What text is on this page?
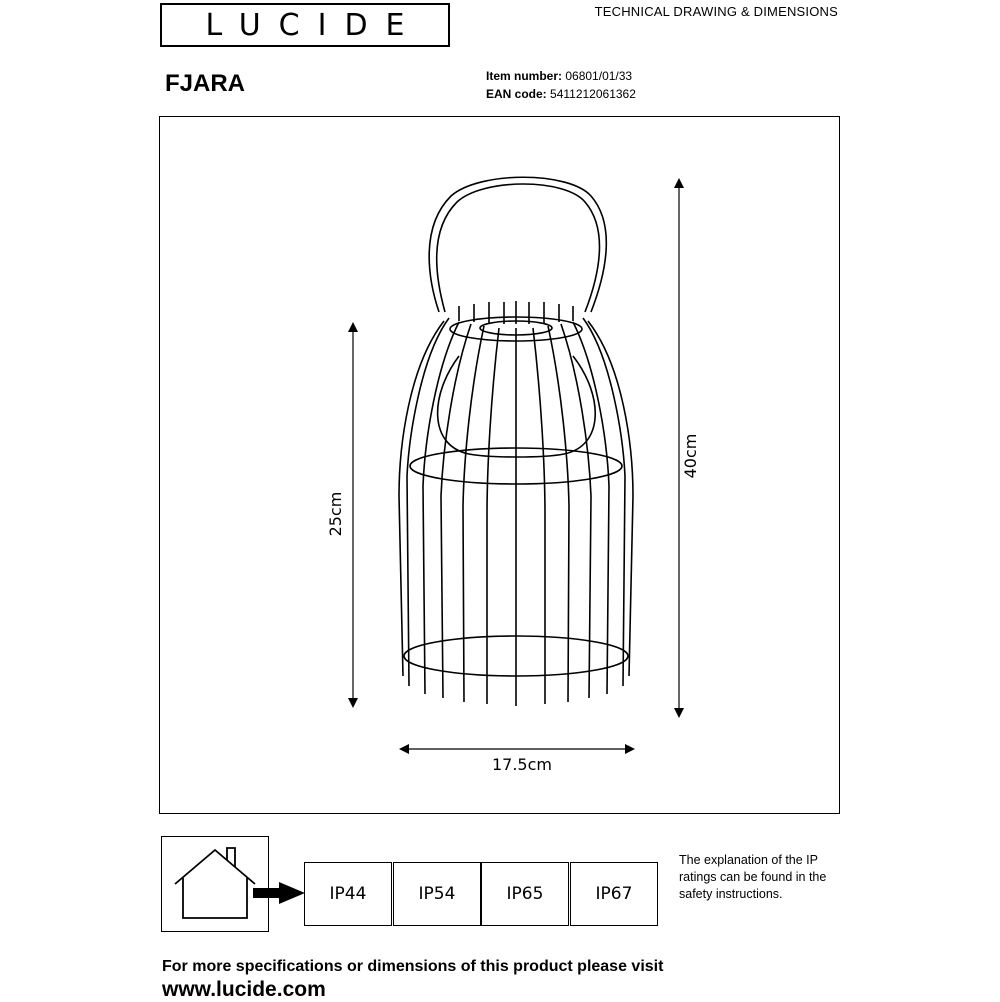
LUCIDE	TECHNICAL DRAWING & DIMENSIONS
FJARA	Item number: 06801/01/33
EAN code: 5411212061362
40cm
25cm
17.5cm
IP44	IP54	IP65	IP67
The explanation of the IP ratings can be found in the safety instructions.
For more specifications or dimensions of this product please visit
www.lucide.com
